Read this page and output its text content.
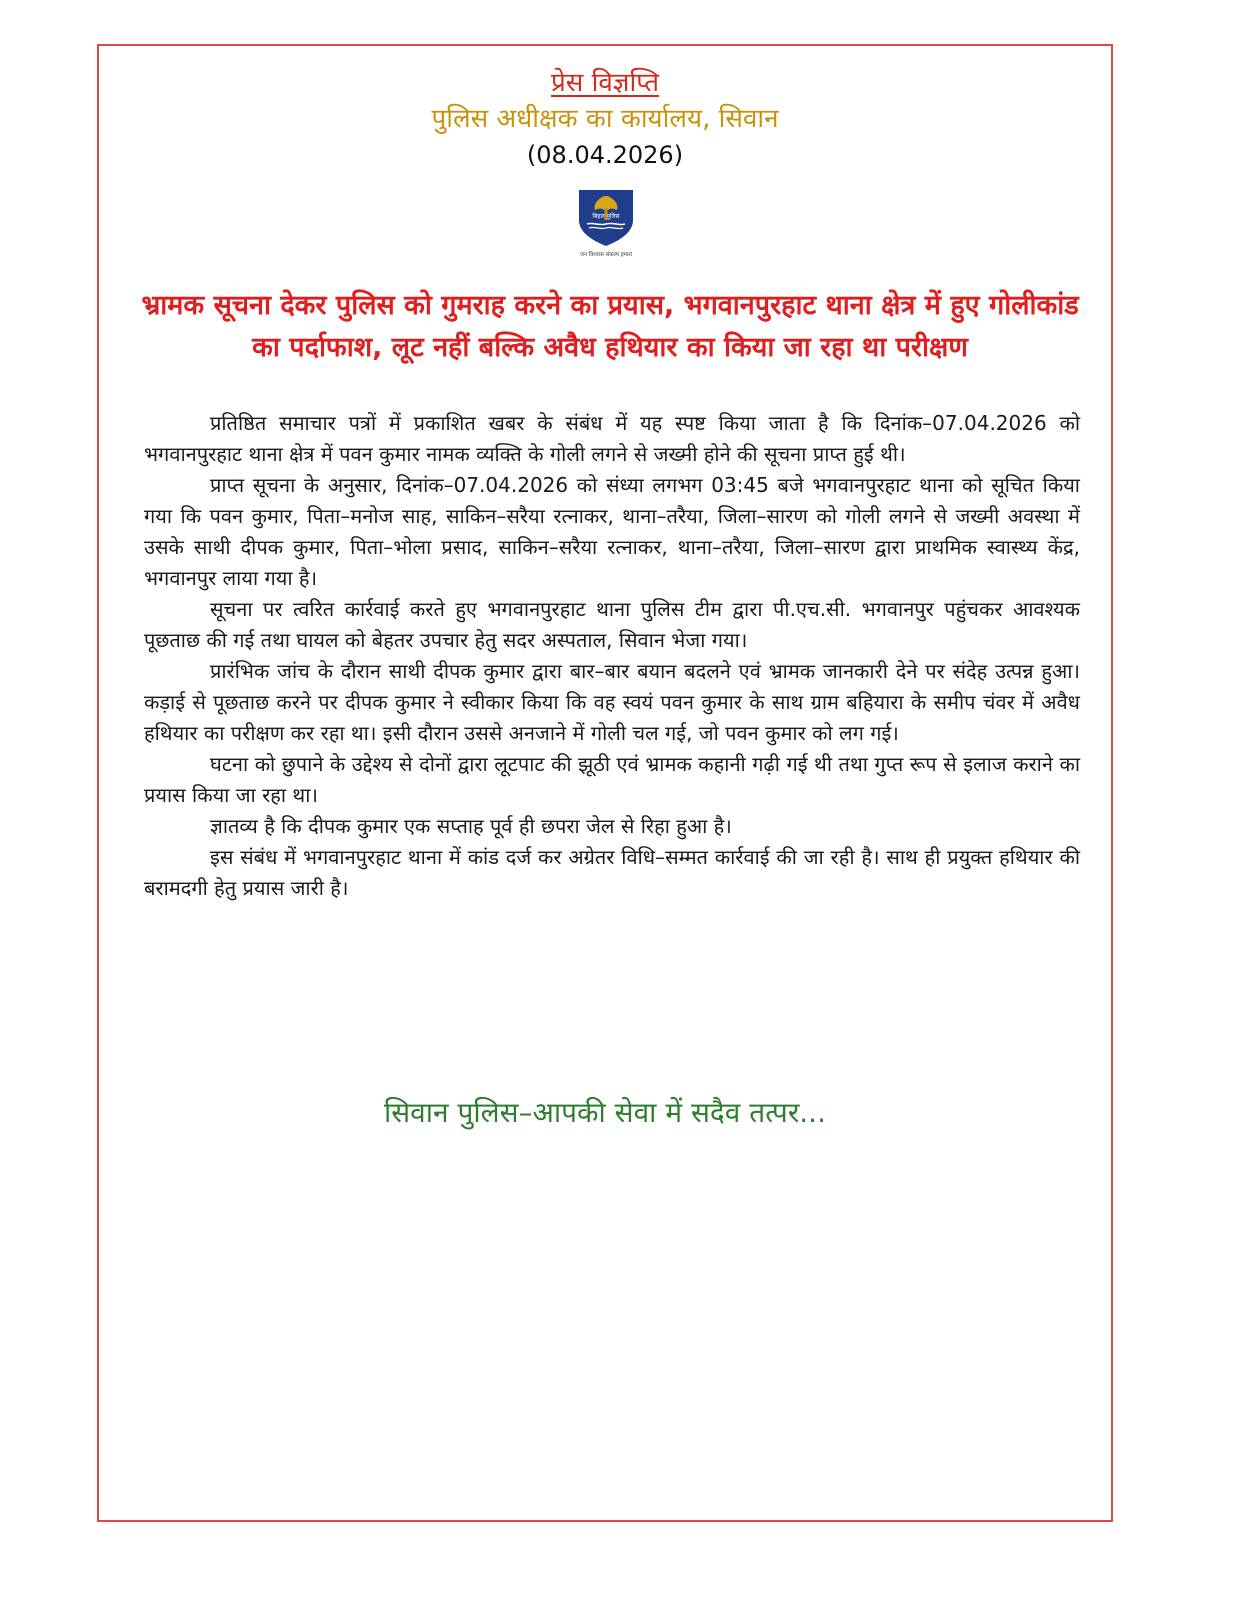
प्रेस विज्ञप्ति
पुलिस अधीक्षक का कार्यालय, सिवान
(08.04.2026)
बिहार पुलिस
जन विश्वास संकल्प हमारा
भ्रामक सूचना देकर पुलिस को गुमराह करने का प्रयास, भगवानपुरहाट थाना क्षेत्र में हुए गोलीकांड का पर्दाफाश, लूट नहीं बल्कि अवैध हथियार का किया जा रहा था परीक्षण

प्रतिष्ठित समाचार पत्रों में प्रकाशित खबर के संबंध में यह स्पष्ट किया जाता है कि दिनांक–07.04.2026 को भगवानपुरहाट थाना क्षेत्र में पवन कुमार नामक व्यक्ति के गोली लगने से जख्मी होने की सूचना प्राप्त हुई थी।

प्राप्त सूचना के अनुसार, दिनांक–07.04.2026 को संध्या लगभग 03:45 बजे भगवानपुरहाट थाना को सूचित किया गया कि पवन कुमार, पिता–मनोज साह, साकिन–सरैया रत्नाकर, थाना–तरैया, जिला–सारण को गोली लगने से जख्मी अवस्था में उसके साथी दीपक कुमार, पिता–भोला प्रसाद, साकिन–सरैया रत्नाकर, थाना–तरैया, जिला–सारण द्वारा प्राथमिक स्वास्थ्य केंद्र, भगवानपुर लाया गया है।

सूचना पर त्वरित कार्रवाई करते हुए भगवानपुरहाट थाना पुलिस टीम द्वारा पी.एच.सी. भगवानपुर पहुंचकर आवश्यक पूछताछ की गई तथा घायल को बेहतर उपचार हेतु सदर अस्पताल, सिवान भेजा गया।

प्रारंभिक जांच के दौरान साथी दीपक कुमार द्वारा बार–बार बयान बदलने एवं भ्रामक जानकारी देने पर संदेह उत्पन्न हुआ। कड़ाई से पूछताछ करने पर दीपक कुमार ने स्वीकार किया कि वह स्वयं पवन कुमार के साथ ग्राम बहियारा के समीप चंवर में अवैध हथियार का परीक्षण कर रहा था। इसी दौरान उससे अनजाने में गोली चल गई, जो पवन कुमार को लग गई।

घटना को छुपाने के उद्देश्य से दोनों द्वारा लूटपाट की झूठी एवं भ्रामक कहानी गढ़ी गई थी तथा गुप्त रूप से इलाज कराने का प्रयास किया जा रहा था।

ज्ञातव्य है कि दीपक कुमार एक सप्ताह पूर्व ही छपरा जेल से रिहा हुआ है।

इस संबंध में भगवानपुरहाट थाना में कांड दर्ज कर अग्रेतर विधि–सम्मत कार्रवाई की जा रही है। साथ ही प्रयुक्त हथियार की बरामदगी हेतु प्रयास जारी है।

सिवान पुलिस–आपकी सेवा में सदैव तत्पर...
